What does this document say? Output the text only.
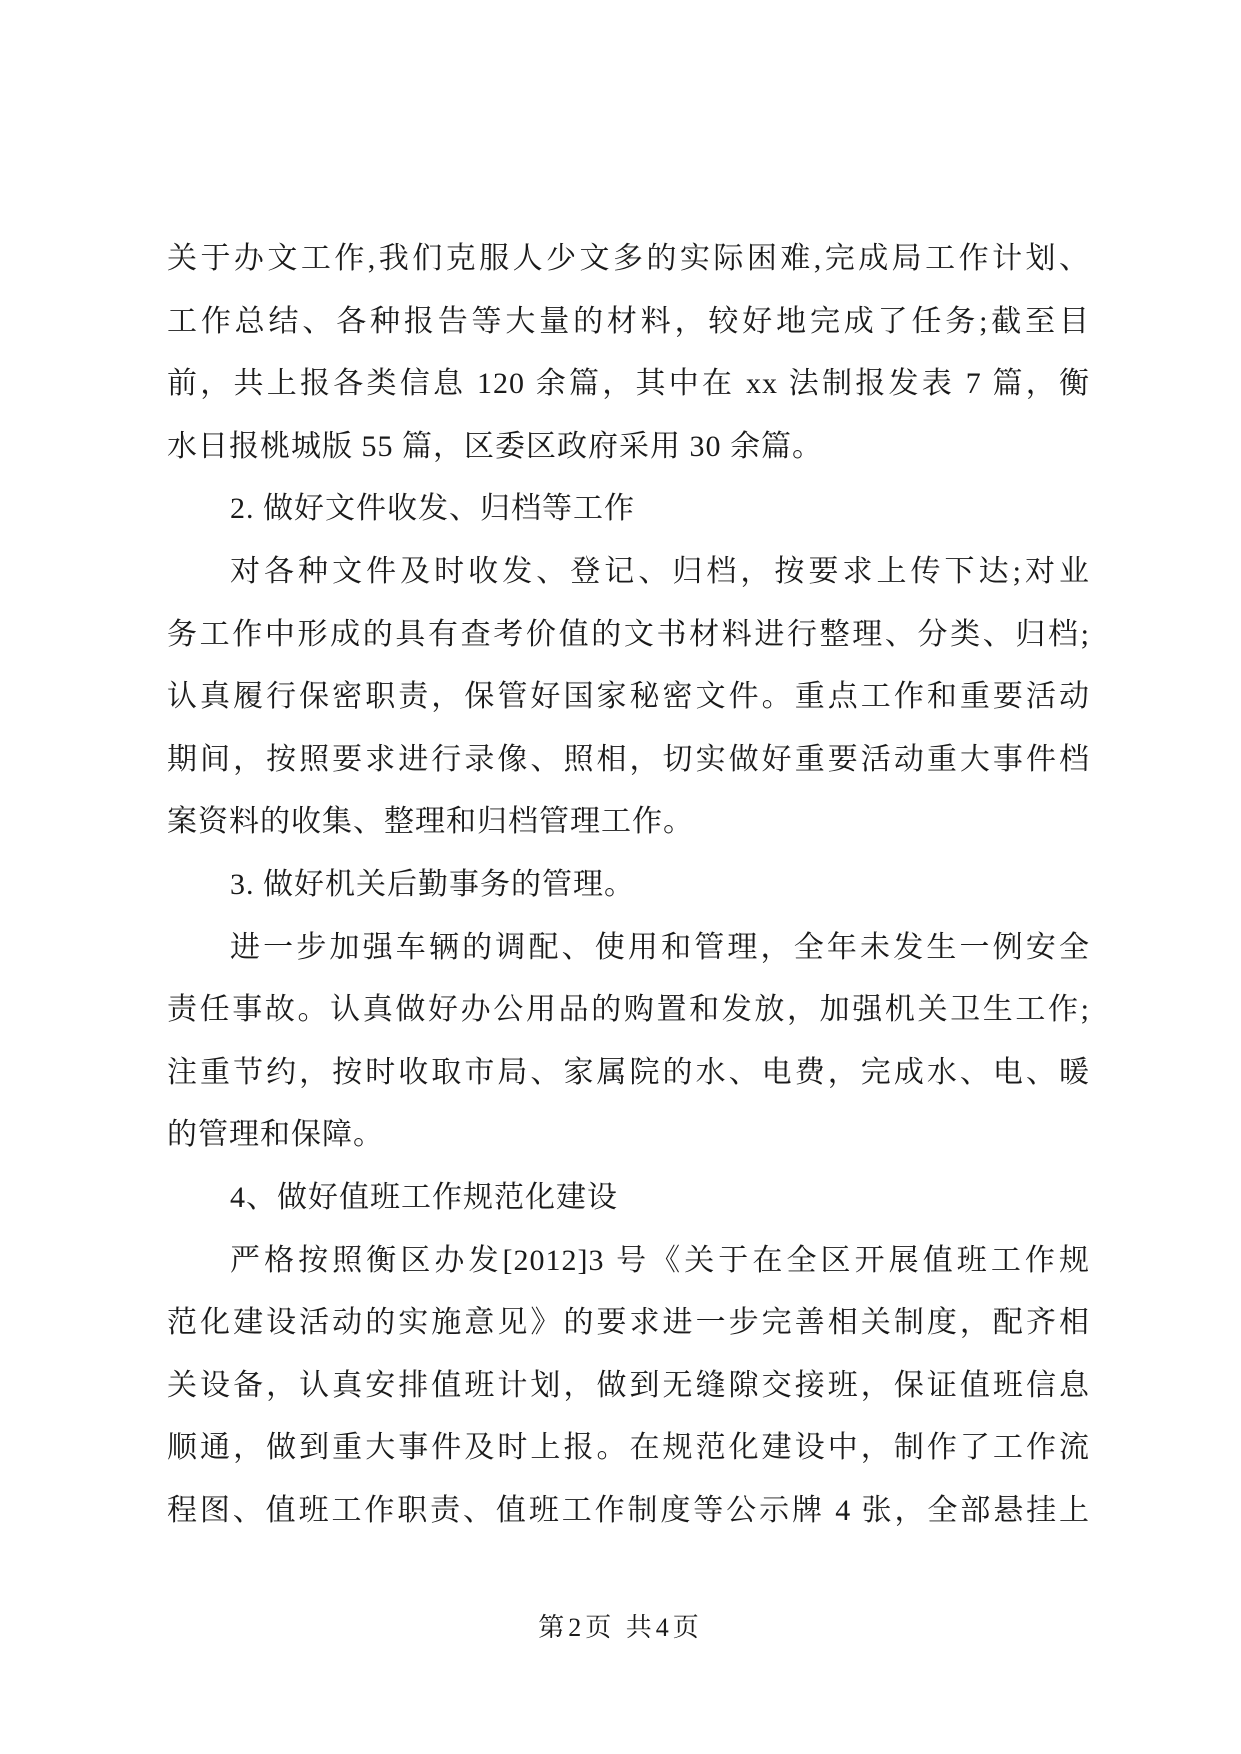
关于办文工作,我们克服人少文多的实际困难,完成局工作计划、
工作总结、各种报告等大量的材料，较好地完成了任务;截至目
前，共上报各类信息 120 余篇，其中在 xx 法制报发表 7 篇，衡
水日报桃城版 55 篇，区委区政府采用 30 余篇。
2. 做好文件收发、归档等工作
对各种文件及时收发、登记、归档，按要求上传下达;对业
务工作中形成的具有查考价值的文书材料进行整理、分类、归档;
认真履行保密职责，保管好国家秘密文件。重点工作和重要活动
期间，按照要求进行录像、照相，切实做好重要活动重大事件档
案资料的收集、整理和归档管理工作。
3. 做好机关后勤事务的管理。
进一步加强车辆的调配、使用和管理，全年未发生一例安全
责任事故。认真做好办公用品的购置和发放，加强机关卫生工作;
注重节约，按时收取市局、家属院的水、电费，完成水、电、暖
的管理和保障。
4、做好值班工作规范化建设
严格按照衡区办发[2012]3 号《关于在全区开展值班工作规
范化建设活动的实施意见》的要求进一步完善相关制度，配齐相
关设备，认真安排值班计划，做到无缝隙交接班，保证值班信息
顺通，做到重大事件及时上报。在规范化建设中，制作了工作流
程图、值班工作职责、值班工作制度等公示牌 4 张，全部悬挂上
第2页 共4页
